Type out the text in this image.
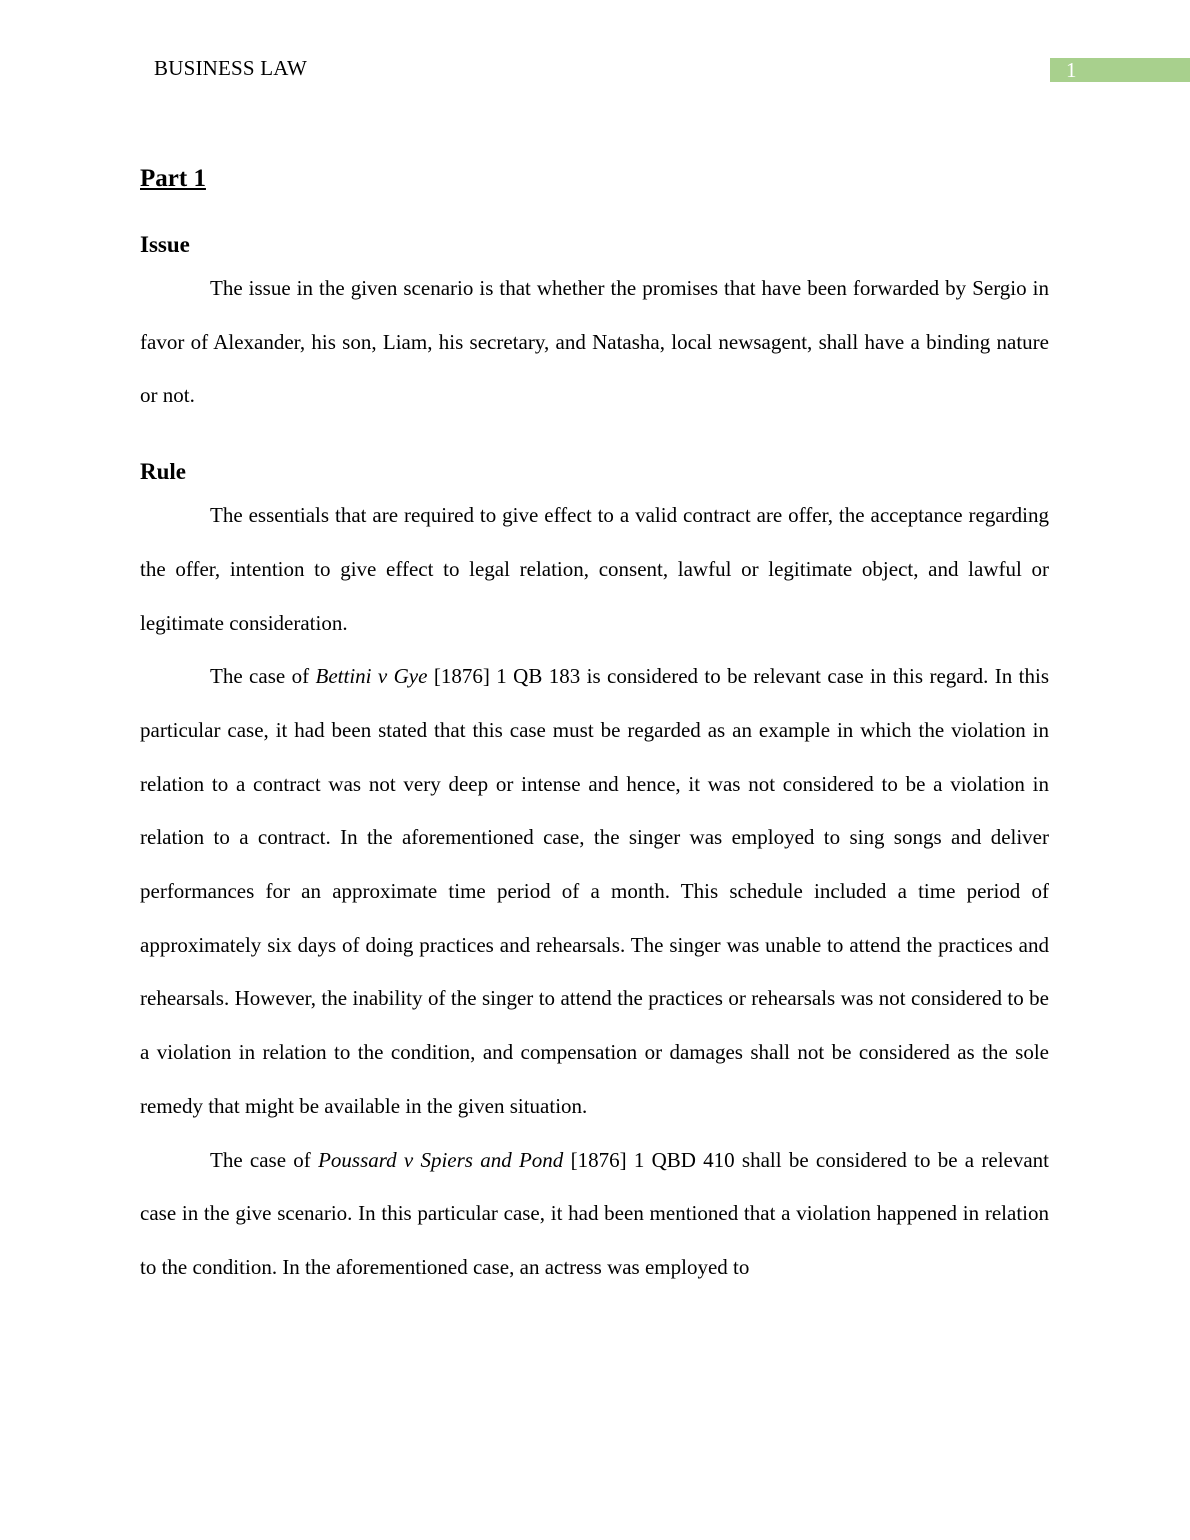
BUSINESS LAW	1
Part 1
Issue

The issue in the given scenario is that whether the promises that have been forwarded by Sergio in favor of Alexander, his son, Liam, his secretary, and Natasha, local newsagent, shall have a binding nature or not.

Rule

The essentials that are required to give effect to a valid contract are offer, the acceptance regarding the offer, intention to give effect to legal relation, consent, lawful or legitimate object, and lawful or legitimate consideration.

The case of Bettini v Gye [1876] 1 QB 183 is considered to be relevant case in this regard. In this particular case, it had been stated that this case must be regarded as an example in which the violation in relation to a contract was not very deep or intense and hence, it was not considered to be a violation in relation to a contract. In the aforementioned case, the singer was employed to sing songs and deliver performances for an approximate time period of a month. This schedule included a time period of approximately six days of doing practices and rehearsals. The singer was unable to attend the practices and rehearsals. However, the inability of the singer to attend the practices or rehearsals was not considered to be a violation in relation to the condition, and compensation or damages shall not be considered as the sole remedy that might be available in the given situation.

The case of Poussard v Spiers and Pond [1876] 1 QBD 410 shall be considered to be a relevant case in the give scenario. In this particular case, it had been mentioned that a violation happened in relation to the condition. In the aforementioned case, an actress was employed to
